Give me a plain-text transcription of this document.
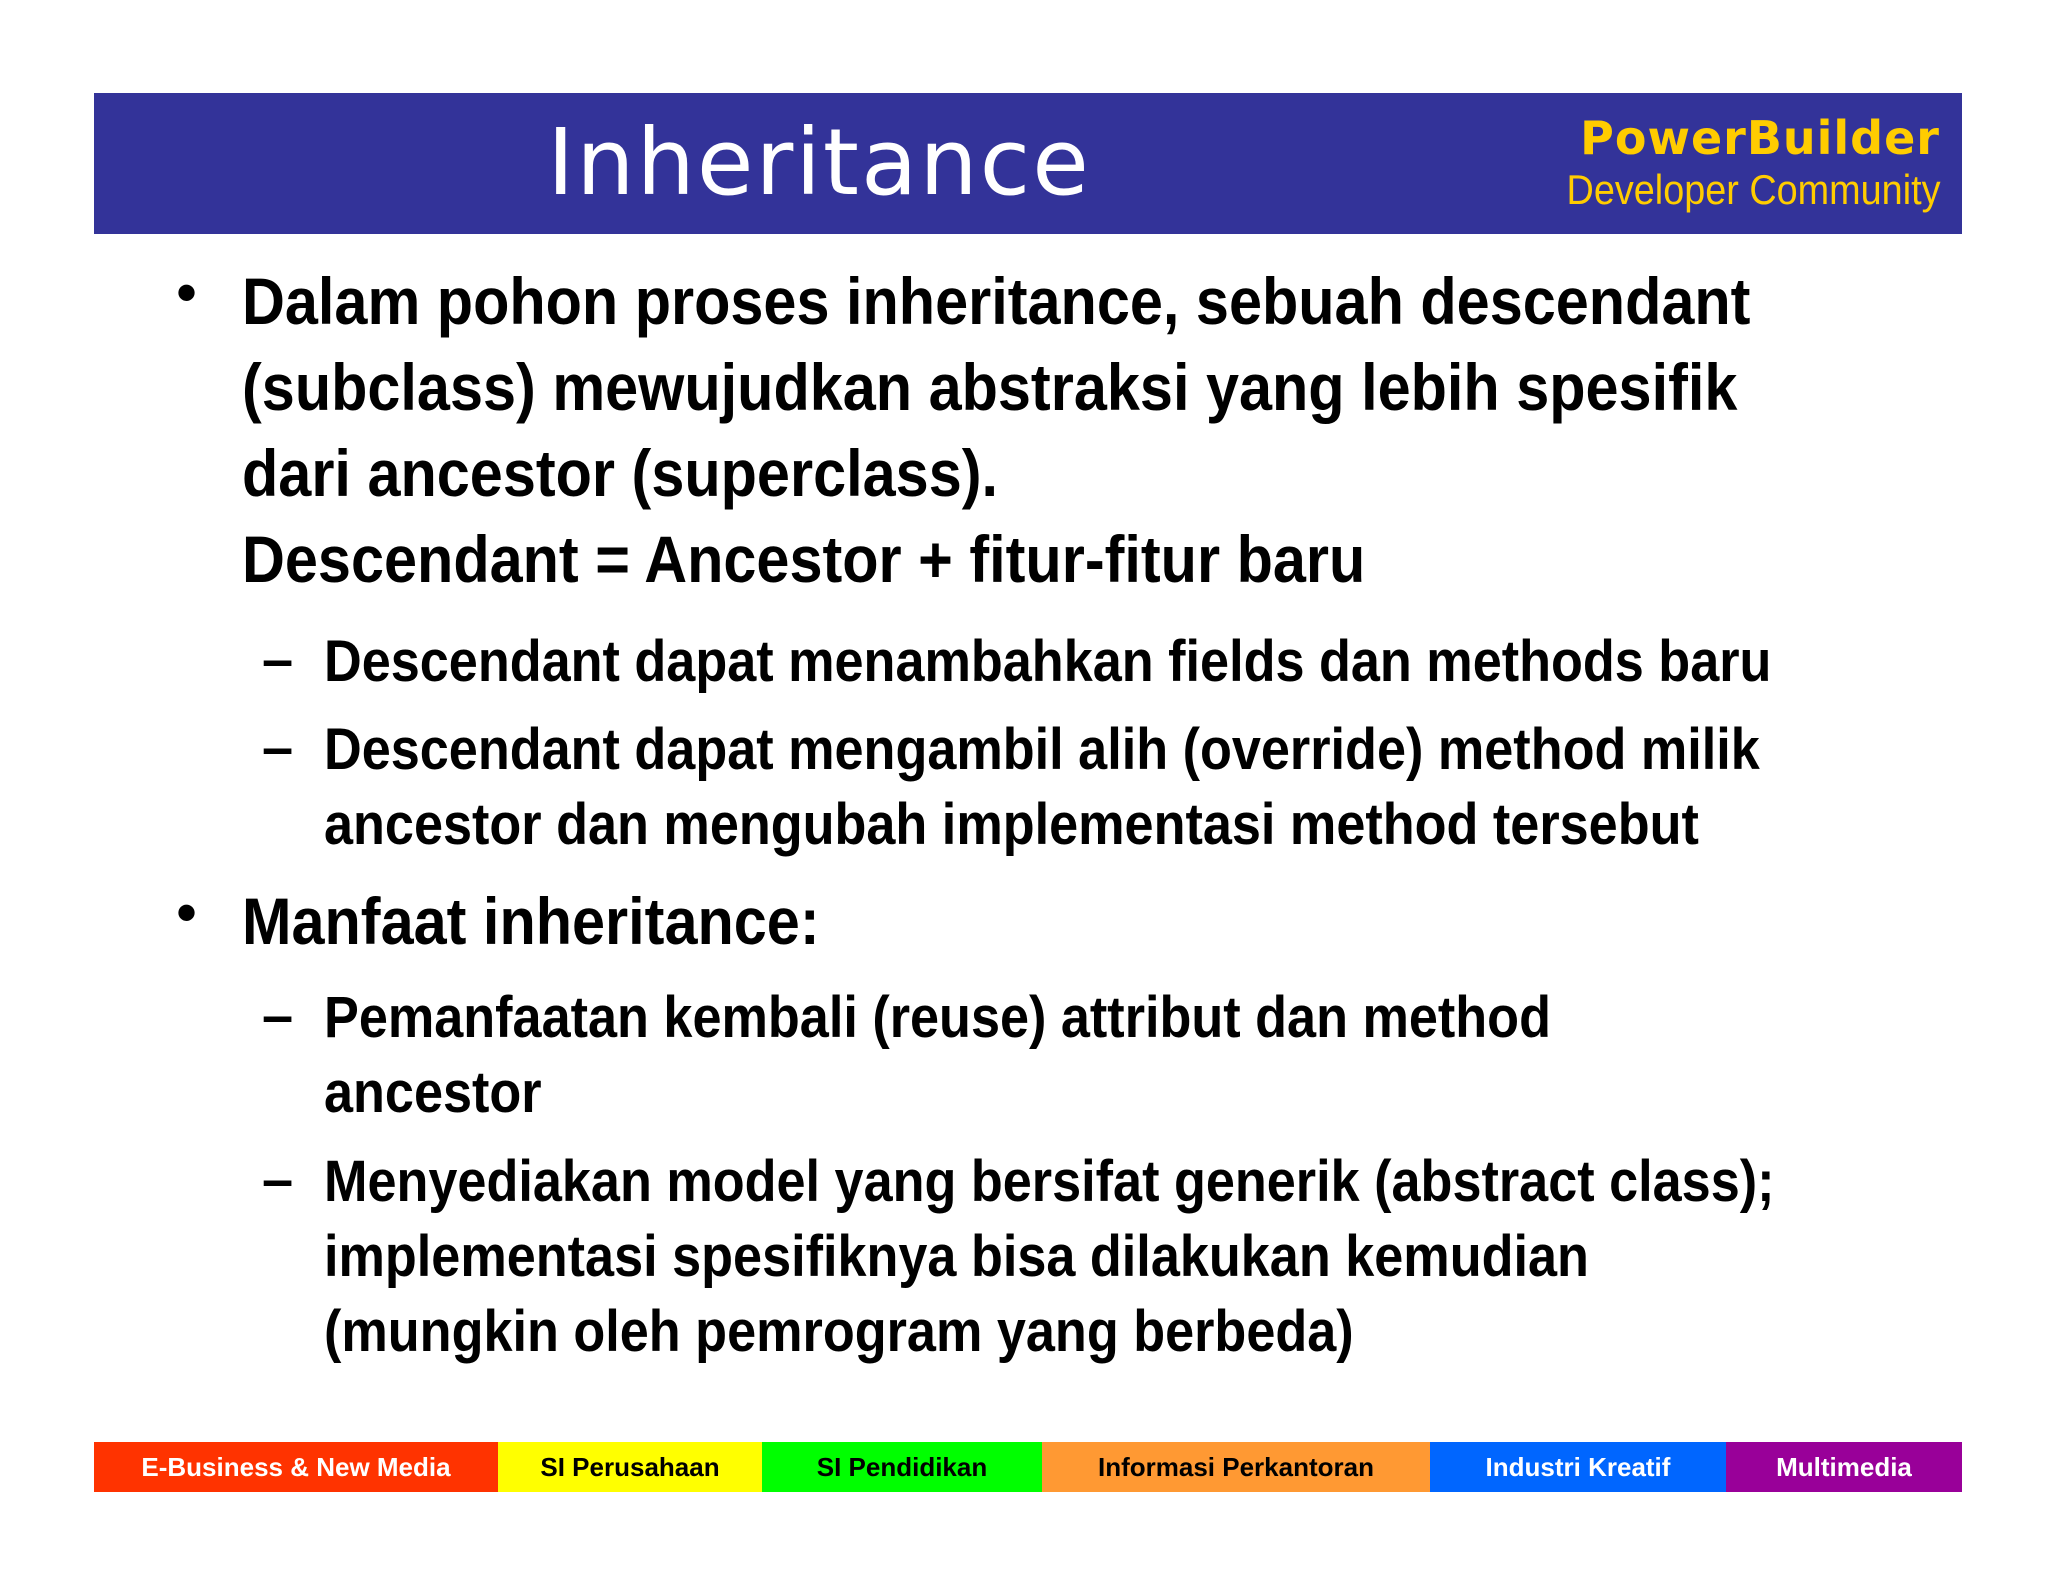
Inheritance	PowerBuilder
Developer Community
• Dalam pohon proses inheritance, sebuah descendant
(subclass) mewujudkan abstraksi yang lebih spesifik
dari ancestor (superclass).
Descendant = Ancestor + fitur-fitur baru
– Descendant dapat menambahkan fields dan methods baru
– Descendant dapat mengambil alih (override) method milik
ancestor dan mengubah implementasi method tersebut
• Manfaat inheritance:
– Pemanfaatan kembali (reuse) attribut dan method
ancestor
– Menyediakan model yang bersifat generik (abstract class);
implementasi spesifiknya bisa dilakukan kemudian
(mungkin oleh pemrogram yang berbeda)
E-Business & New Media	SI Perusahaan	SI Pendidikan	Informasi Perkantoran	Industri Kreatif	Multimedia
